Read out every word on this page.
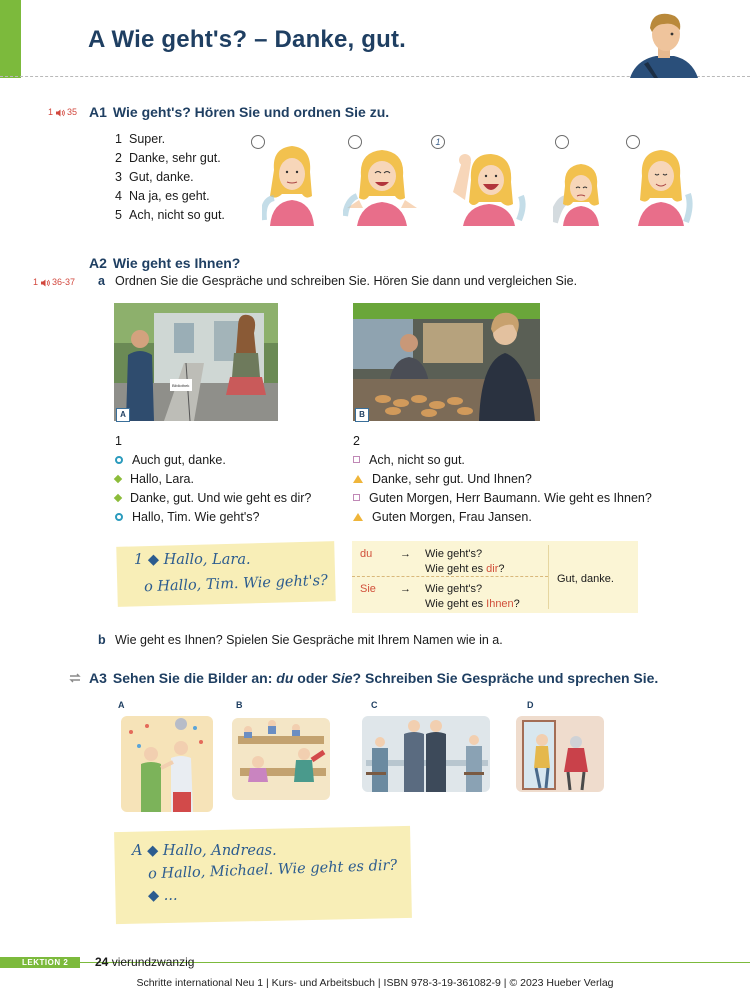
A Wie geht's? – Danke, gut.
1 35 A1 Wie geht's? Hören Sie und ordnen Sie zu.
1 Super.
2 Danke, sehr gut.
3 Gut, danke.
4 Na ja, es geht.
5 Ach, nicht so gut.
1
A2 Wie geht es Ihnen?
1 36-37 a Ordnen Sie die Gespräche und schreiben Sie. Hören Sie dann und vergleichen Sie.
Bibliothek
A	B
1
Auch gut, danke.
Hallo, Lara.
Danke, gut. Und wie geht es dir?
Hallo, Tim. Wie geht's?
2
Ach, nicht so gut.
Danke, sehr gut. Und Ihnen?
Guten Morgen, Herr Baumann. Wie geht es Ihnen?
Guten Morgen, Frau Jansen.
1 ◆ Hallo, Lara.
o Hallo, Tim. Wie geht's?
du	→ Wie geht's?
Wie geht es dir?
Sie → Wie geht's?
Wie geht es Ihnen?
Gut, danke.
b Wie geht es Ihnen? Spielen Sie Gespräche mit Ihrem Namen wie in a.
A3 Sehen Sie die Bilder an: du oder Sie? Schreiben Sie Gespräche und sprechen Sie.
A	B	C	D
A ◆ Hallo, Andreas.
o Hallo, Michael. Wie geht es dir?
◆ ...
LEKTION 2	24 vierundzwanzig
Schritte international Neu 1 | Kurs- und Arbeitsbuch | ISBN 978-3-19-361082-9 | © 2023 Hueber Verlag
